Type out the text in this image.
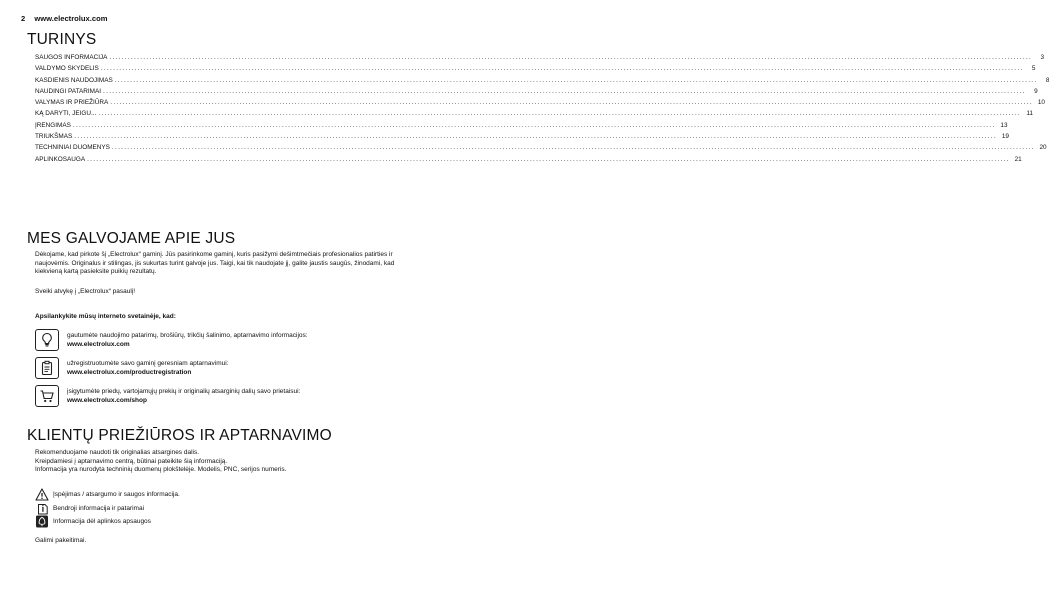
2 www.electrolux.com
TURINYS
SAUGOS INFORMACIJA ............................................................................................................................................................................................................................................................................................................	3
VALDYMO SKYDELIS ............................................................................................................................................................................................................................................................................................................	5
KASDIENIS NAUDOJIMAS ............................................................................................................................................................................................................................................................................................................	8
NAUDINGI PATARIMAI ............................................................................................................................................................................................................................................................................................................	9
VALYMAS IR PRIEŽIŪRA ............................................................................................................................................................................................................................................................................................................ 10
KĄ DARYTI, JEIGU... ............................................................................................................................................................................................................................................................................................................ 11
ĮRENGIMAS ............................................................................................................................................................................................................................................................................................................ 13
TRIUKŠMAS ............................................................................................................................................................................................................................................................................................................ 19
TECHNINIAI DUOMENYS ............................................................................................................................................................................................................................................................................................................ 20
APLINKOSAUGA ............................................................................................................................................................................................................................................................................................................ 21
MES GALVOJAME APIE JUS
Dėkojame, kad pirkote šį „Electrolux“ gaminį. Jūs pasirinkome gaminį, kuris pasižymi dešimtmečiais profesionalios patirties ir naujovėmis. Originalus ir stilingas, jis sukurtas turint galvoje jus. Taigi, kai tik naudojate jį, galite jaustis saugūs, žinodami, kad kiekvieną kartą pasieksite puikių rezultatų.
Sveiki atvykę į „Electrolux“ pasaulį!
Apsilankykite mūsų interneto svetainėje, kad:
gautumėte naudojimo patarimų, brošiūrų, trikčių šalinimo, aptarnavimo informacijos:
www.electrolux.com
užregistruotumėte savo gaminį geresniam aptarnavimui:
www.electrolux.com/productregistration
įsigytumėte priedų, vartojamųjų prekių ir originalių atsarginių dalių savo prietaisui:
www.electrolux.com/shop
KLIENTŲ PRIEŽIŪROS IR APTARNAVIMO
Rekomenduojame naudoti tik originalias atsargines dalis.
Kreipdamiesi į aptarnavimo centrą, būtinai pateikite šią informaciją.
Informacija yra nurodyta techninių duomenų plokštelėje. Modelis, PNC, serijos numeris.
Įspėjimas / atsargumo ir saugos informacija.
Bendroji informacija ir patarimai
Informacija dėl aplinkos apsaugos
Galimi pakeitimai.
